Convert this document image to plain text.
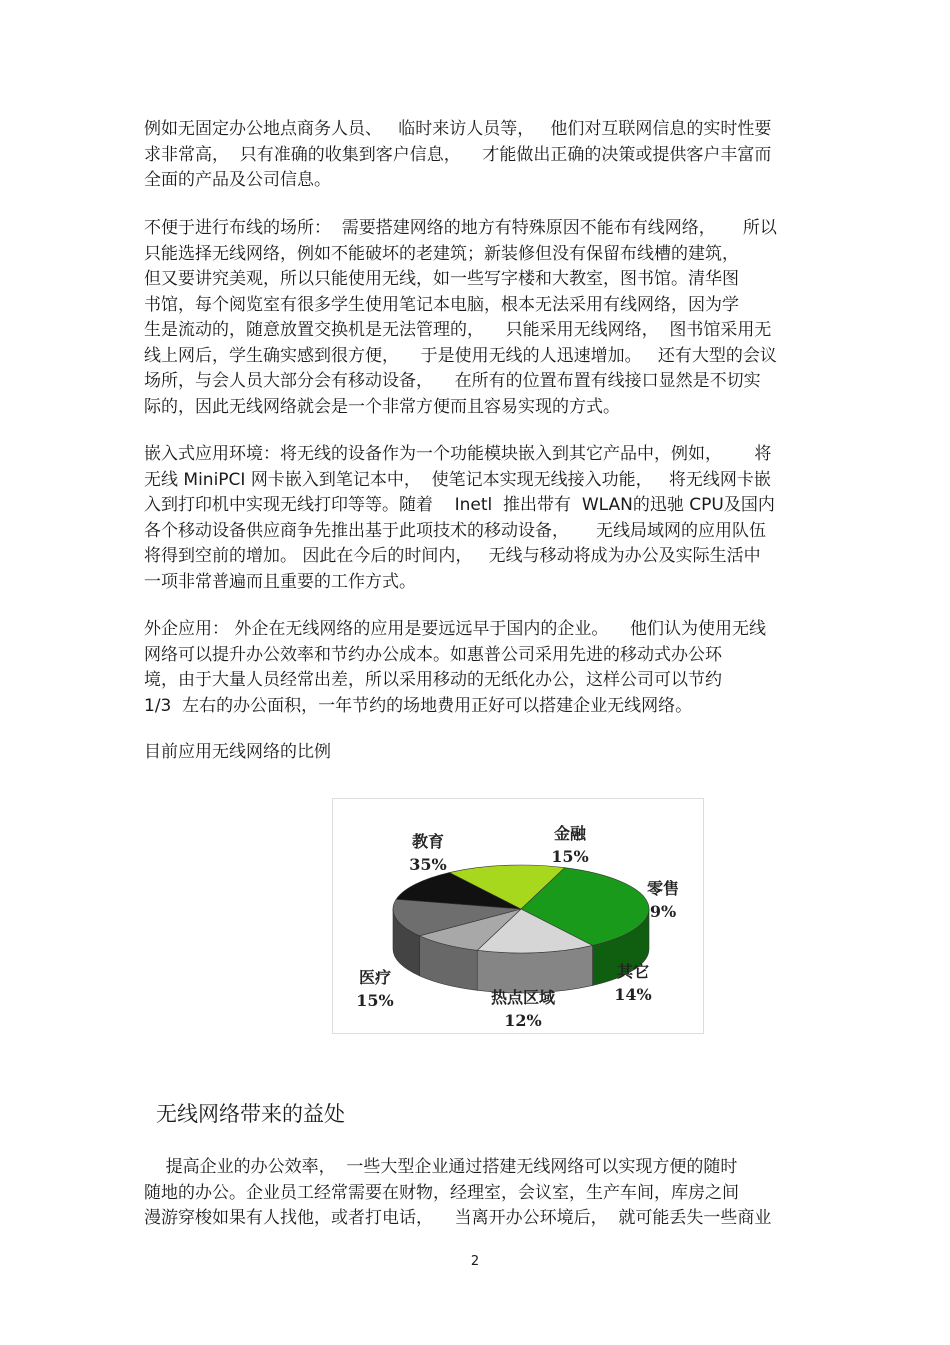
例如无固定办公地点商务人员、   临时来访人员等，   他们对互联网信息的实时性要
求非常高，  只有准确的收集到客户信息，    才能做出正确的决策或提供客户丰富而
全面的产品及公司信息。
不便于进行布线的场所：  需要搭建网络的地方有特殊原因不能布有线网络，     所以
只能选择无线网络，例如不能破坏的老建筑；新装修但没有保留布线槽的建筑，
但又要讲究美观，所以只能使用无线，如一些写字楼和大教室，图书馆。清华图
书馆，每个阅览室有很多学生使用笔记本电脑，根本无法采用有线网络，因为学
生是流动的，随意放置交换机是无法管理的，    只能采用无线网络，  图书馆采用无
线上网后，学生确实感到很方便，    于是使用无线的人迅速增加。   还有大型的会议
场所，与会人员大部分会有移动设备，    在所有的位置布置有线接口显然是不切实
际的，因此无线网络就会是一个非常方便而且容易实现的方式。
嵌入式应用环境：将无线的设备作为一个功能模块嵌入到其它产品中，例如，      将
无线 MiniPCI 网卡嵌入到笔记本中，  使笔记本实现无线接入功能，   将无线网卡嵌
入到打印机中实现无线打印等等。随着    Inetl  推出带有  WLAN的迅驰 CPU及国内
各个移动设备供应商争先推出基于此项技术的移动设备，     无线局域网的应用队伍
将得到空前的增加。 因此在今后的时间内，   无线与移动将成为办公及实际生活中
一项非常普遍而且重要的工作方式。
外企应用： 外企在无线网络的应用是要远远早于国内的企业。    他们认为使用无线
网络可以提升办公效率和节约办公成本。如惠普公司采用先进的移动式办公环
境，由于大量人员经常出差，所以采用移动的无纸化办公，这样公司可以节约
1/3  左右的办公面积，一年节约的场地费用正好可以搭建企业无线网络。
目前应用无线网络的比例
教育
35%
金融
15%
零售
9%
其它
14%
热点区域
12%
医疗
15%
无线网络带来的益处
提高企业的办公效率，  一些大型企业通过搭建无线网络可以实现方便的随时
随地的办公。企业员工经常需要在财物，经理室，会议室，生产车间，库房之间
漫游穿梭如果有人找他，或者打电话，    当离开办公环境后，  就可能丢失一些商业
2
